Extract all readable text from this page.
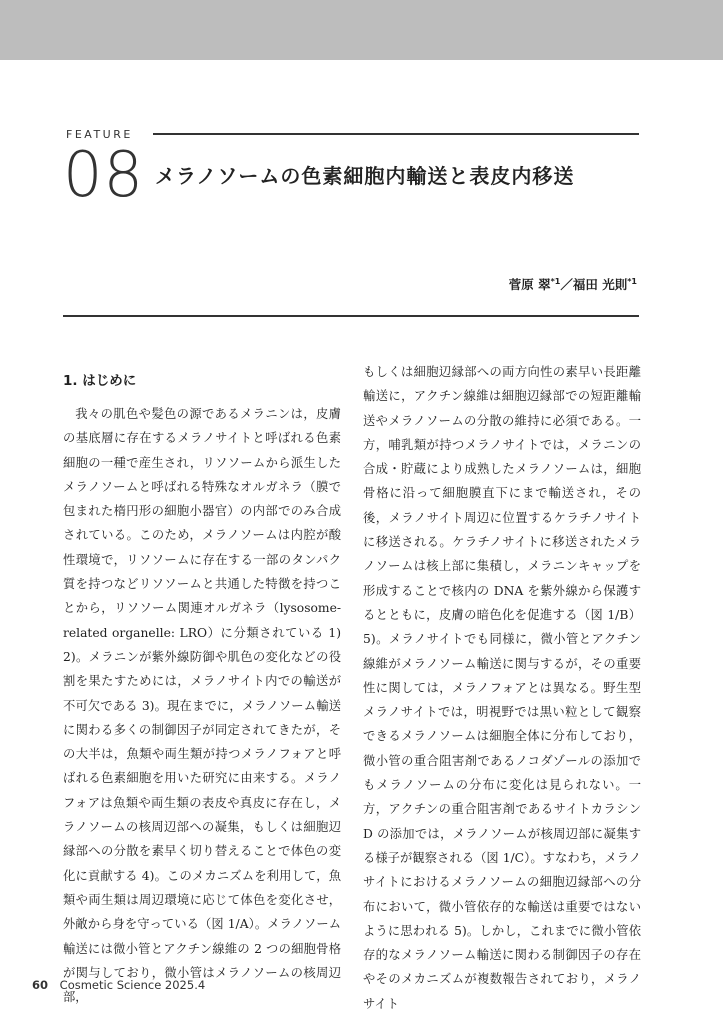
FEATURE
08 メラノソームの色素細胞内輸送と表皮内移送
菅原 翠$^{*1}$／福田 光則$^{*1}$
1. はじめに

我々の肌色や髪色の源であるメラニンは，皮膚の基底層に存在するメラノサイトと呼ばれる色素細胞の一種で産生され，リソソームから派生したメラノソームと呼ばれる特殊なオルガネラ（膜で包まれた楕円形の細胞小器官）の内部でのみ合成されている。このため，メラノソームは内腔が酸性環境で，リソソームに存在する一部のタンパク質を持つなどリソソームと共通した特徴を持つことから，リソソーム関連オルガネラ（lysosome-related organelle: LRO）に分類されている 1) 2)。メラニンが紫外線防御や肌色の変化などの役割を果たすためには，メラノサイト内での輸送が不可欠である 3)。現在までに，メラノソーム輸送に関わる多くの制御因子が同定されてきたが，その大半は，魚類や両生類が持つメラノフォアと呼ばれる色素細胞を用いた研究に由来する。メラノフォアは魚類や両生類の表皮や真皮に存在し，メラノソームの核周辺部への凝集，もしくは細胞辺縁部への分散を素早く切り替えることで体色の変化に貢献する 4)。このメカニズムを利用して，魚類や両生類は周辺環境に応じて体色を変化させ，外敵から身を守っている（図 1/A）。メラノソーム輸送には微小管とアクチン線維の 2 つの細胞骨格が関与しており，微小管はメラノソームの核周辺部，

もしくは細胞辺縁部への両方向性の素早い長距離輸送に，アクチン線維は細胞辺縁部での短距離輸送やメラノソームの分散の維持に必須である。一方，哺乳類が持つメラノサイトでは，メラニンの合成・貯蔵により成熟したメラノソームは，細胞骨格に沿って細胞膜直下にまで輸送され，その後，メラノサイト周辺に位置するケラチノサイトに移送される。ケラチノサイトに移送されたメラノソームは核上部に集積し，メラニンキャップを形成することで核内の DNA を紫外線から保護するとともに，皮膚の暗色化を促進する（図 1/B）5)。メラノサイトでも同様に，微小管とアクチン線維がメラノソーム輸送に関与するが，その重要性に関しては，メラノフォアとは異なる。野生型メラノサイトでは，明視野では黒い粒として観察できるメラノソームは細胞全体に分布しており，微小管の重合阻害剤であるノコダゾールの添加でもメラノソームの分布に変化は見られない。一方，アクチンの重合阻害剤であるサイトカラシン D の添加では，メラノソームが核周辺部に凝集する様子が観察される（図 1/C）。すなわち，メラノサイトにおけるメラノソームの細胞辺縁部への分布において，微小管依存的な輸送は重要ではないように思われる 5)。しかし，これまでに微小管依存的なメラノソーム輸送に関わる制御因子の存在やそのメカニズムが複数報告されており，メラノサイト

60 Cosmetic Science 2025.4
